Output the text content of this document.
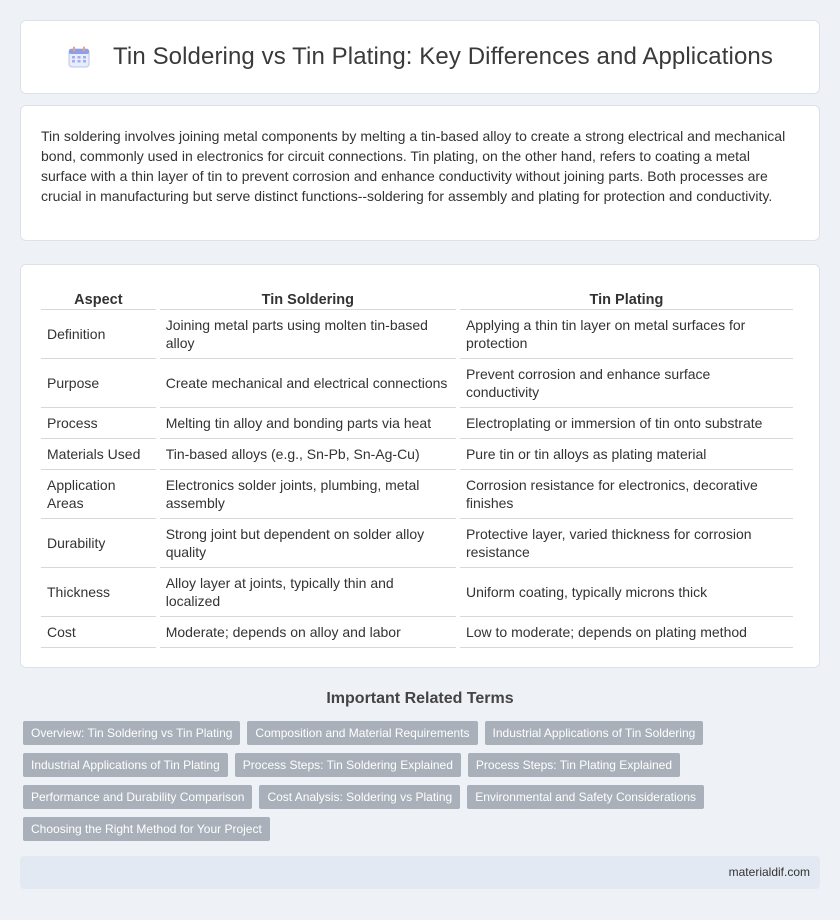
Tin Soldering vs Tin Plating: Key Differences and Applications

Tin soldering involves joining metal components by melting a tin-based alloy to create a strong electrical and mechanical bond, commonly used in electronics for circuit connections. Tin plating, on the other hand, refers to coating a metal surface with a thin layer of tin to prevent corrosion and enhance conductivity without joining parts. Both processes are crucial in manufacturing but serve distinct functions--soldering for assembly and plating for protection and conductivity.

Aspect	Tin Soldering	Tin Plating
Definition	Joining metal parts using molten tin-based alloy	Applying a thin tin layer on metal surfaces for protection
Purpose	Create mechanical and electrical connections	Prevent corrosion and enhance surface conductivity
Process	Melting tin alloy and bonding parts via heat	Electroplating or immersion of tin onto substrate
Materials Used	Tin-based alloys (e.g., Sn-Pb, Sn-Ag-Cu)	Pure tin or tin alloys as plating material
Application Areas	Electronics solder joints, plumbing, metal assembly	Corrosion resistance for electronics, decorative finishes
Durability	Strong joint but dependent on solder alloy quality	Protective layer, varied thickness for corrosion resistance
Thickness	Alloy layer at joints, typically thin and localized	Uniform coating, typically microns thick
Cost	Moderate; depends on alloy and labor	Low to moderate; depends on plating method
Important Related Terms
Overview: Tin Soldering vs Tin Plating	Composition and Material Requirements	Industrial Applications of Tin Soldering
Industrial Applications of Tin Plating	Process Steps: Tin Soldering Explained	Process Steps: Tin Plating Explained
Performance and Durability Comparison	Cost Analysis: Soldering vs Plating	Environmental and Safety Considerations
Choosing the Right Method for Your Project
materialdif.com
